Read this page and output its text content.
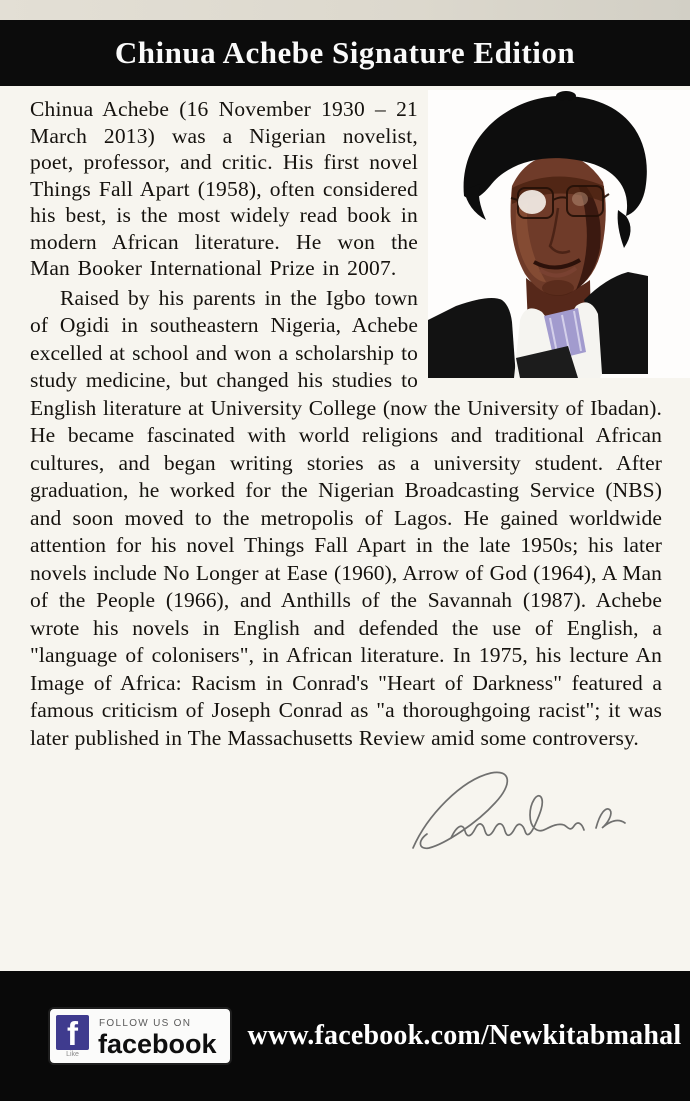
Chinua Achebe Signature Edition

Chinua Achebe (16 November 1930 – 21 March 2013) was a Nigerian novelist, poet, professor, and critic. His first novel Things Fall Apart (1958), often considered his best, is the most widely read book in modern African literature. He won the Man Booker International Prize in 2007.

Raised by his parents in the Igbo town of Ogidi in southeastern Nigeria, Achebe excelled at school and won a scholarship to study medicine, but changed his studies to English literature at University College (now the University of Ibadan). He became fascinated with world religions and traditional African cultures, and began writing stories as a university student. After graduation, he worked for the Nigerian Broadcasting Service (NBS) and soon moved to the metropolis of Lagos. He gained worldwide attention for his novel Things Fall Apart in the late 1950s; his later novels include No Longer at Ease (1960), Arrow of God (1964), A Man of the People (1966), and Anthills of the Savannah (1987). Achebe wrote his novels in English and defended the use of English, a "language of colonisers", in African literature. In 1975, his lecture An Image of Africa: Racism in Conrad's "Heart of Darkness" featured a famous criticism of Joseph Conrad as "a thoroughgoing racist"; it was later published in The Massachusetts Review amid some controversy.

f
Like
FOLLOW US ON
facebook www.facebook.com/Newkitabmahal
